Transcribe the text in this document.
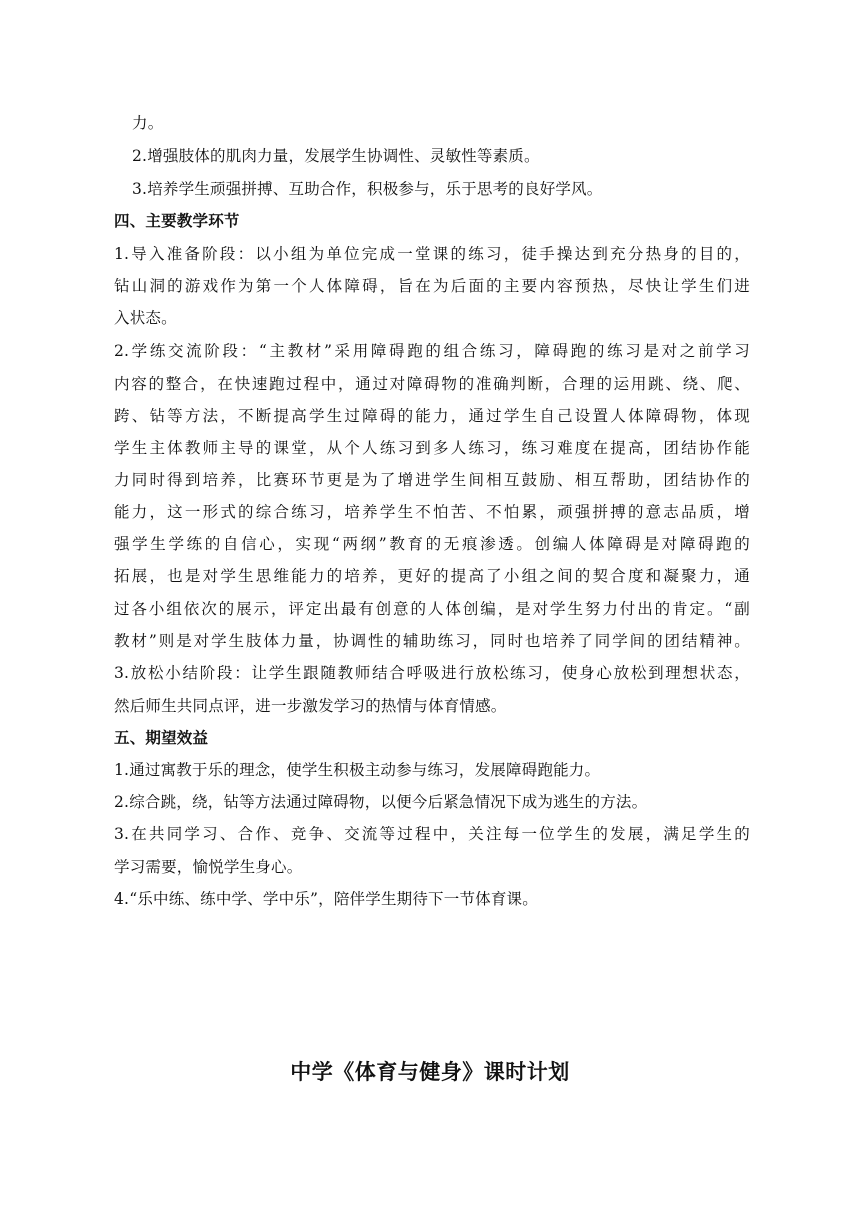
力。
2.增强肢体的肌肉力量，发展学生协调性、灵敏性等素质。
3.培养学生顽强拼搏、互助合作，积极参与，乐于思考的良好学风。
四、主要教学环节
1.导入准备阶段：以小组为单位完成一堂课的练习，徒手操达到充分热身的目的，
钻山洞的游戏作为第一个人体障碍，旨在为后面的主要内容预热，尽快让学生们进
入状态。
2.学练交流阶段：“主教材”采用障碍跑的组合练习，障碍跑的练习是对之前学习
内容的整合，在快速跑过程中，通过对障碍物的准确判断，合理的运用跳、绕、爬、
跨、钻等方法，不断提高学生过障碍的能力，通过学生自己设置人体障碍物，体现
学生主体教师主导的课堂，从个人练习到多人练习，练习难度在提高，团结协作能
力同时得到培养，比赛环节更是为了增进学生间相互鼓励、相互帮助，团结协作的
能力，这一形式的综合练习，培养学生不怕苦、不怕累，顽强拼搏的意志品质，增
强学生学练的自信心，实现“两纲”教育的无痕渗透。创编人体障碍是对障碍跑的
拓展，也是对学生思维能力的培养，更好的提高了小组之间的契合度和凝聚力，通
过各小组依次的展示，评定出最有创意的人体创编，是对学生努力付出的肯定。“副
教材”则是对学生肢体力量，协调性的辅助练习，同时也培养了同学间的团结精神。
3.放松小结阶段：让学生跟随教师结合呼吸进行放松练习，使身心放松到理想状态，
然后师生共同点评，进一步激发学习的热情与体育情感。
五、期望效益
1.通过寓教于乐的理念，使学生积极主动参与练习，发展障碍跑能力。
2.综合跳，绕，钻等方法通过障碍物，以便今后紧急情况下成为逃生的方法。
3.在共同学习、合作、竞争、交流等过程中，关注每一位学生的发展，满足学生的
学习需要，愉悦学生身心。
4.“乐中练、练中学、学中乐”，陪伴学生期待下一节体育课。
中学《体育与健身》课时计划
